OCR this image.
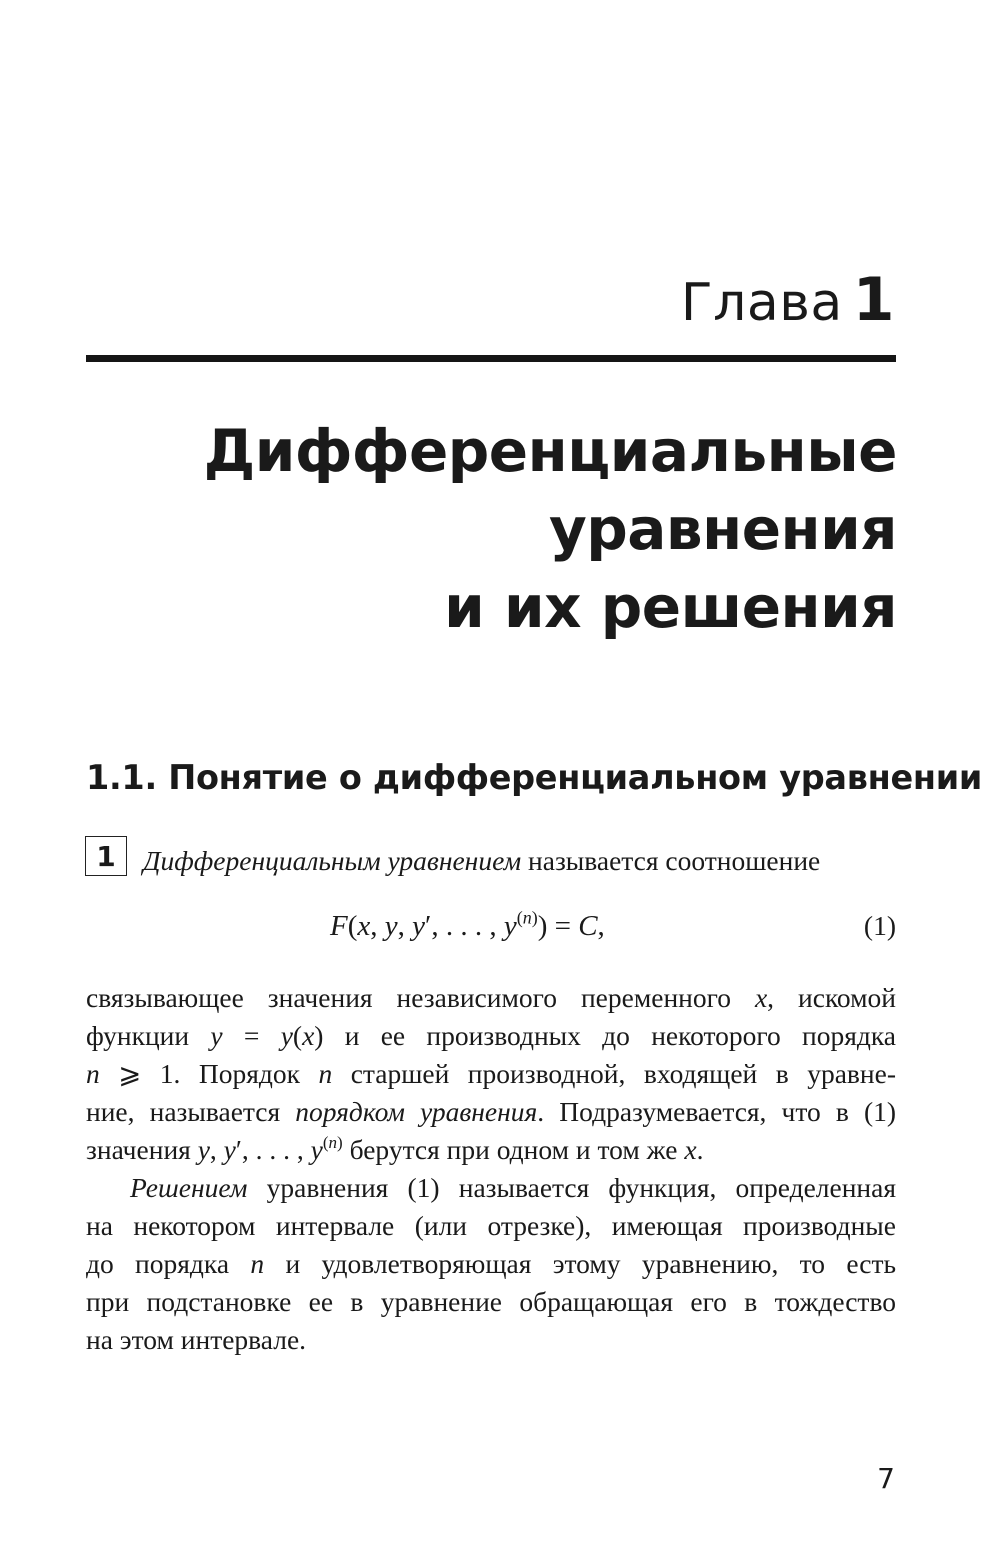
Глава 1
Дифференциальные
уравнения
и их решения
1.1. Понятие о дифференциальном уравнении
1 Дифференциальным уравнением называется соотношение
F(x, y, y′, . . . , $y^{(n)}) = C$,	(1)
связывающее значения независимого переменного x, искомой
функции y = y(x) и ее производных до некоторого порядка
n ⩾ 1. Порядок n старшей производной, входящей в уравне-
ние, называется порядком уравнения. Подразумевается, что в (1)
значения y, y′, . . . , $y^{(n)}$ берутся при одном и том же x.
Решением уравнения (1) называется функция, определенная
на некотором интервале (или отрезке), имеющая производные
до порядка n и удовлетворяющая этому уравнению, то есть
при подстановке ее в уравнение обращающая его в тождество
на этом интервале.
7
